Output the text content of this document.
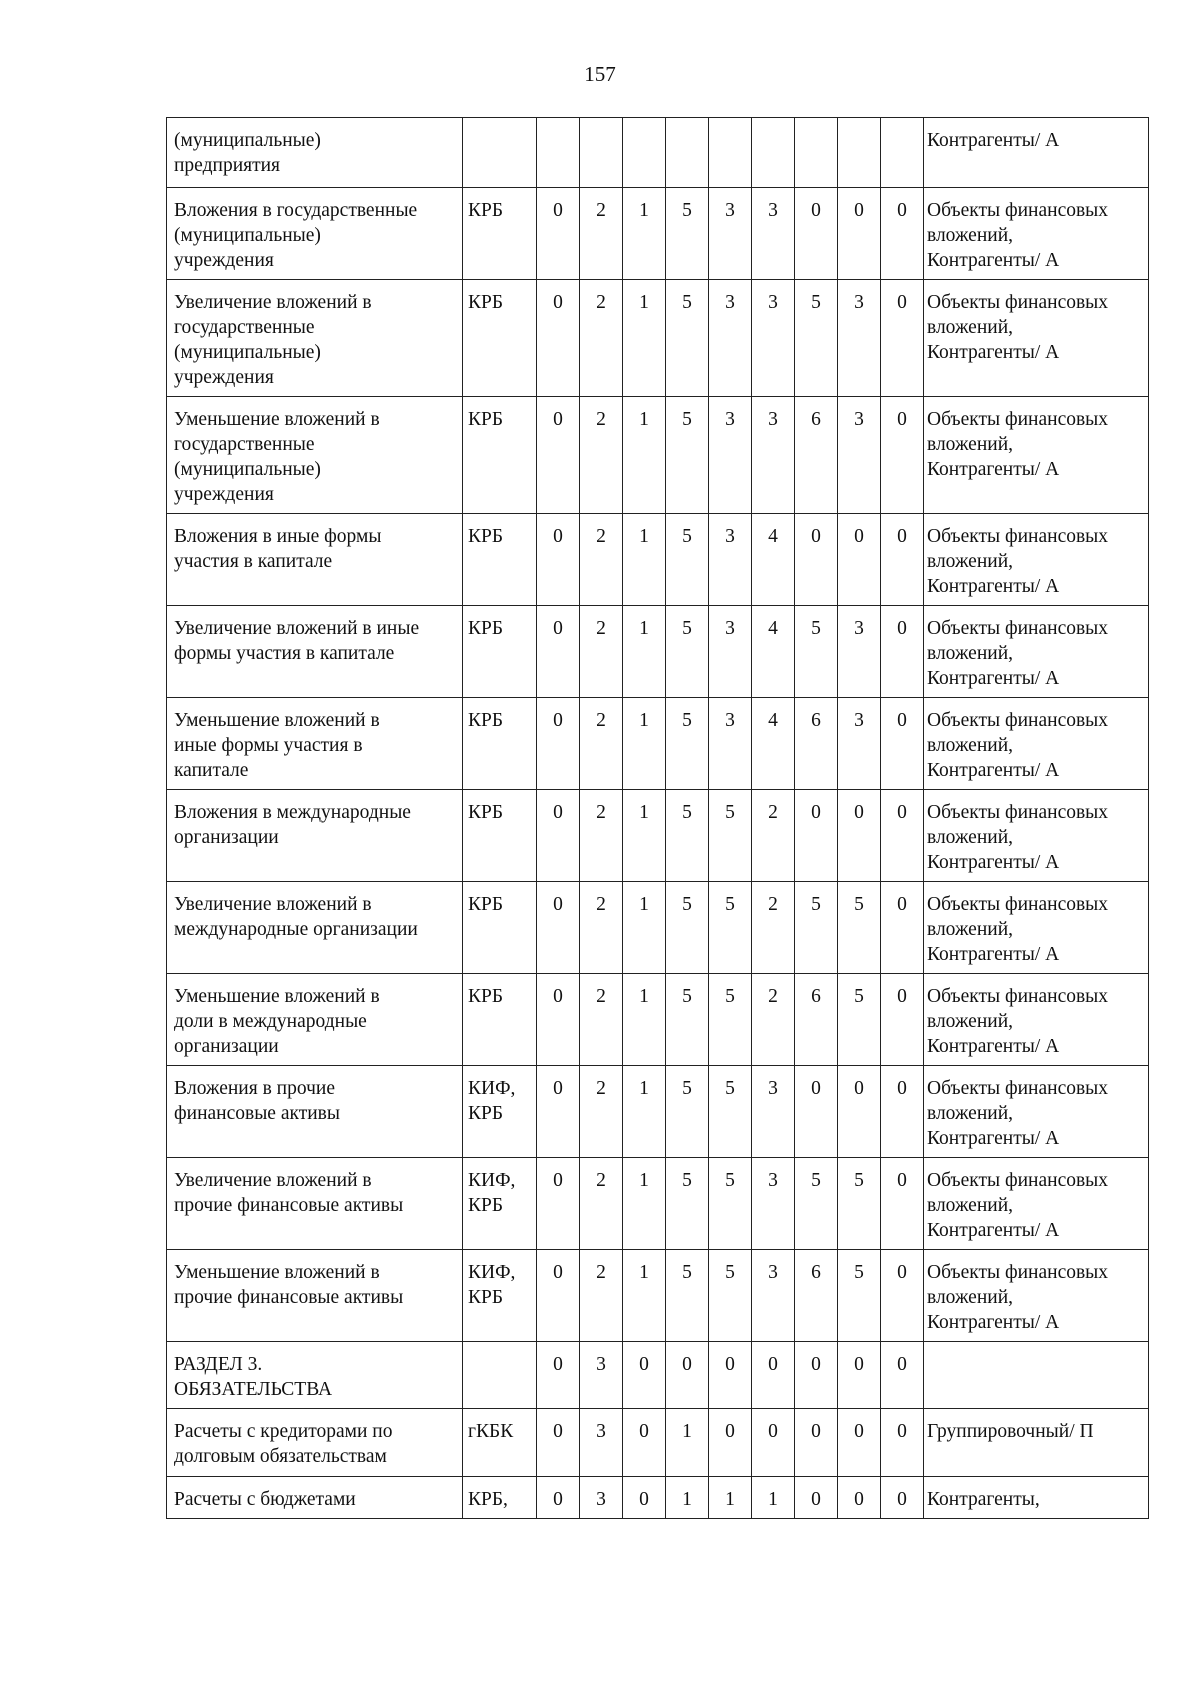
157
(муниципальные)
предприятия											Контрагенты/ А
Вложения в государственные
(муниципальные)
учреждения	КРБ	0	2	1	5	3	3	0	0	0	Объекты финансовых
вложений,
Контрагенты/ А
Увеличение вложений в
государственные
(муниципальные)
учреждения	КРБ	0	2	1	5	3	3	5	3	0	Объекты финансовых
вложений,
Контрагенты/ А
Уменьшение вложений в
государственные
(муниципальные)
учреждения	КРБ	0	2	1	5	3	3	6	3	0	Объекты финансовых
вложений,
Контрагенты/ А
Вложения в иные формы
участия в капитале	КРБ	0	2	1	5	3	4	0	0	0	Объекты финансовых
вложений,
Контрагенты/ А
Увеличение вложений в иные
формы участия в капитале	КРБ	0	2	1	5	3	4	5	3	0	Объекты финансовых
вложений,
Контрагенты/ А
Уменьшение вложений в
иные формы участия в
капитале	КРБ	0	2	1	5	3	4	6	3	0	Объекты финансовых
вложений,
Контрагенты/ А
Вложения в международные
организации	КРБ	0	2	1	5	5	2	0	0	0	Объекты финансовых
вложений,
Контрагенты/ А
Увеличение вложений в
международные организации	КРБ	0	2	1	5	5	2	5	5	0	Объекты финансовых
вложений,
Контрагенты/ А
Уменьшение вложений в
доли в международные
организации	КРБ	0	2	1	5	5	2	6	5	0	Объекты финансовых
вложений,
Контрагенты/ А
Вложения в прочие
финансовые активы	КИФ,
КРБ	0	2	1	5	5	3	0	0	0	Объекты финансовых
вложений,
Контрагенты/ А
Увеличение вложений в
прочие финансовые активы	КИФ,
КРБ	0	2	1	5	5	3	5	5	0	Объекты финансовых
вложений,
Контрагенты/ А
Уменьшение вложений в
прочие финансовые активы	КИФ,
КРБ	0	2	1	5	5	3	6	5	0	Объекты финансовых
вложений,
Контрагенты/ А
РАЗДЕЛ 3.
ОБЯЗАТЕЛЬСТВА		0	3	0	0	0	0	0	0	0	
Расчеты с кредиторами по
долговым обязательствам	гКБК	0	3	0	1	0	0	0	0	0	Группировочный/ П
Расчеты с бюджетами	КРБ,	0	3	0	1	1	1	0	0	0	Контрагенты,
